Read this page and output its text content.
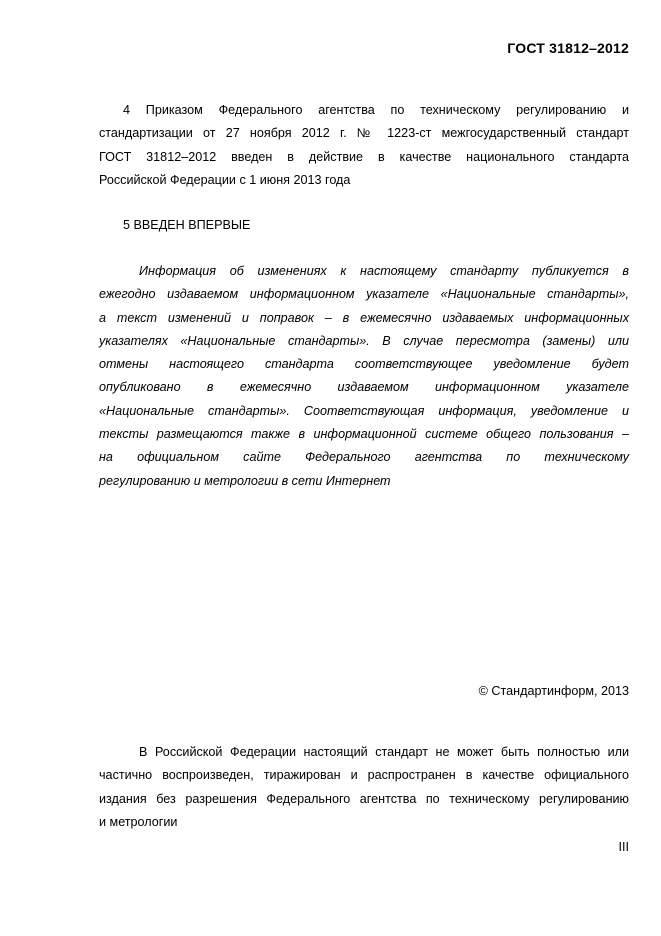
ГОСТ 31812–2012
4 Приказом Федерального агентства по техническому регулированию и
стандартизации от 27 ноября 2012 г. № 1223-ст межгосударственный стандарт
ГОСТ 31812–2012 введен в действие в качестве национального стандарта
Российской Федерации с 1 июня 2013 года
5 ВВЕДЕН ВПЕРВЫЕ
Информация об изменениях к настоящему стандарту публикуется в
ежегодно издаваемом информационном указателе «Национальные стандарты»,
а текст изменений и поправок – в ежемесячно издаваемых информационных
указателях «Национальные стандарты». В случае пересмотра (замены) или
отмены настоящего стандарта соответствующее уведомление будет
опубликовано в ежемесячно издаваемом информационном указателе
«Национальные стандарты». Соответствующая информация, уведомление и
тексты размещаются также в информационной системе общего пользования –
на официальном сайте Федерального агентства по техническому
регулированию и метрологии в сети Интернет
© Стандартинформ, 2013
В Российской Федерации настоящий стандарт не может быть полностью или
частично воспроизведен, тиражирован и распространен в качестве официального
издания без разрешения Федерального агентства по техническому регулированию
и метрологии
III
